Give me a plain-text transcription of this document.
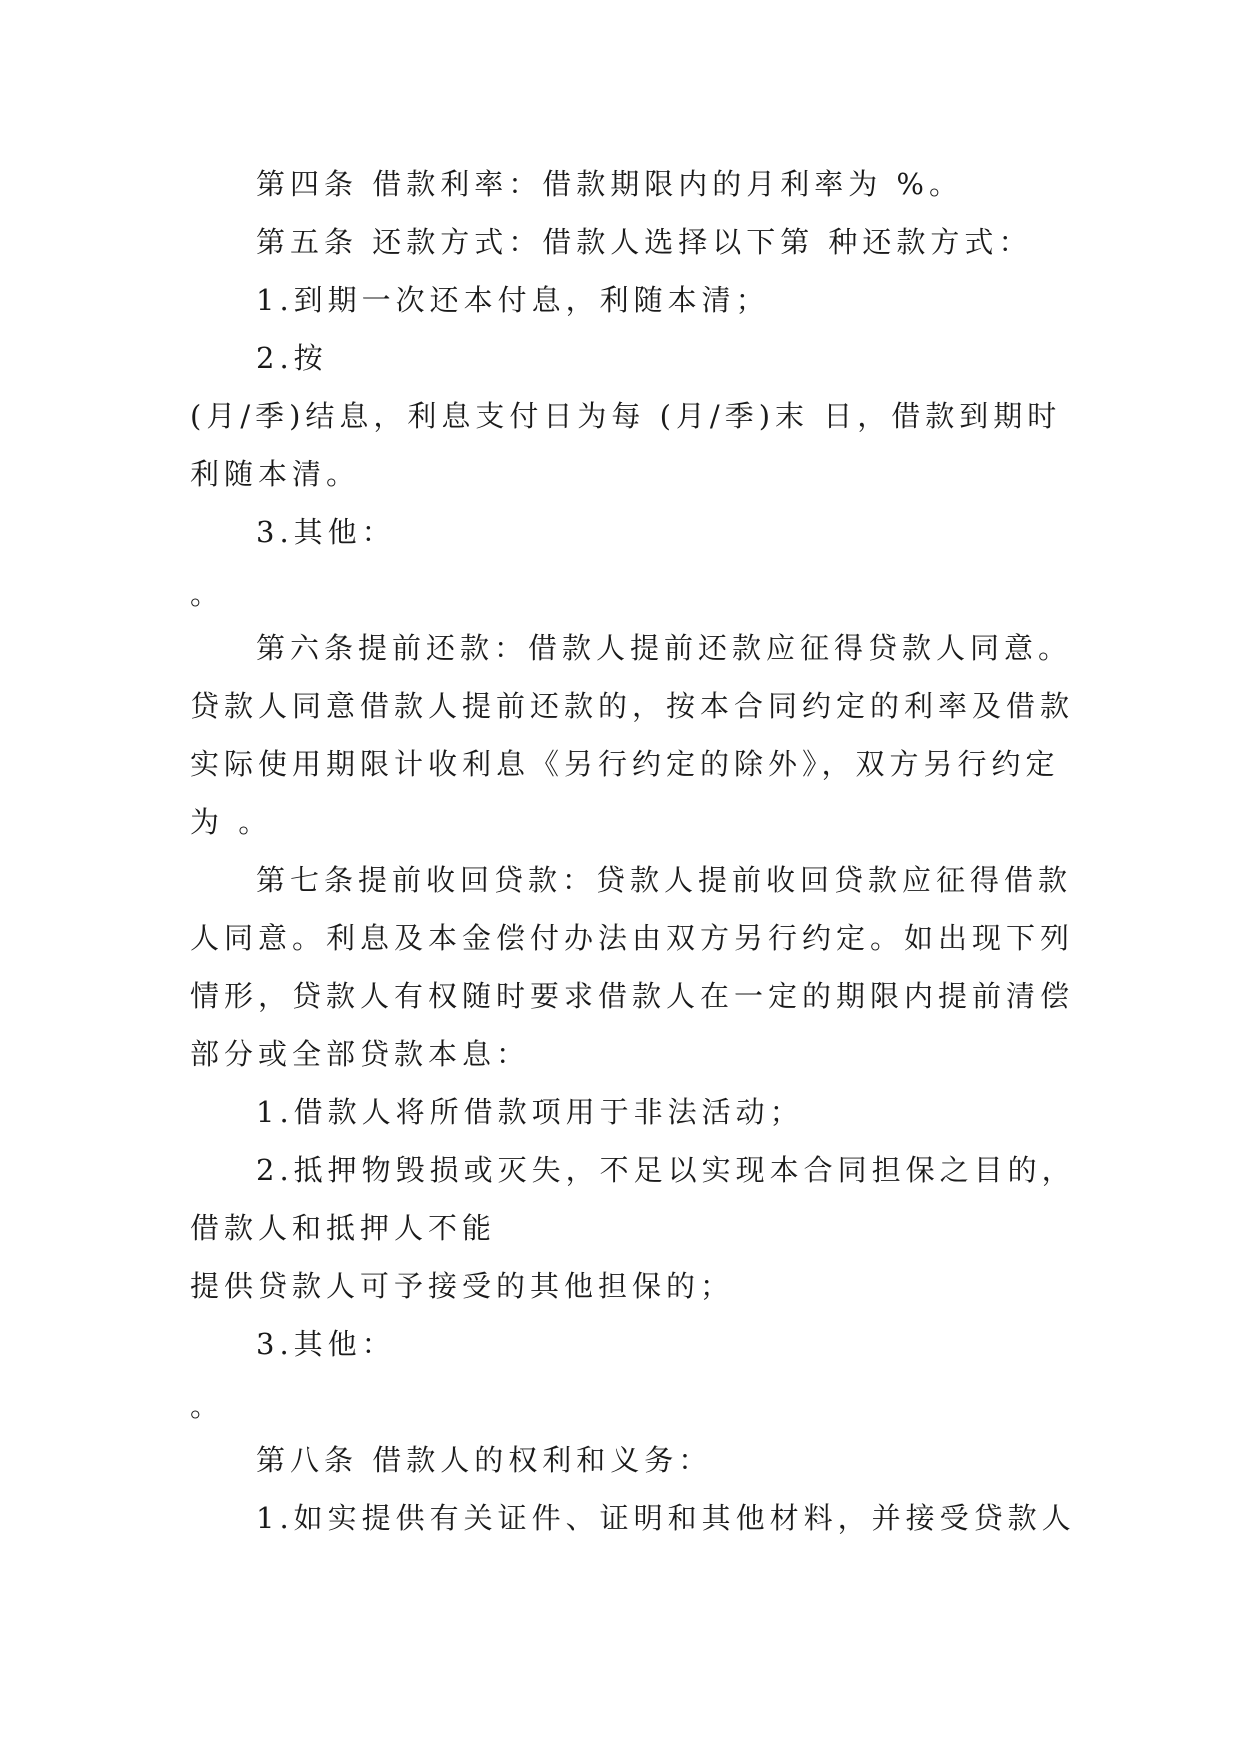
第四条 借款利率：借款期限内的月利率为 %。

第五条 还款方式：借款人选择以下第 种还款方式：

1.到期一次还本付息，利随本清；

2.按

(月/季)结息，利息支付日为每 (月/季)末 日，借款到期时

利随本清。

3.其他：

。

第六条提前还款：借款人提前还款应征得贷款人同意。

贷款人同意借款人提前还款的，按本合同约定的利率及借款

实际使用期限计收利息《另行约定的除外》，双方另行约定

为 。

第七条提前收回贷款：贷款人提前收回贷款应征得借款

人同意。利息及本金偿付办法由双方另行约定。如出现下列

情形，贷款人有权随时要求借款人在一定的期限内提前清偿

部分或全部贷款本息：

1.借款人将所借款项用于非法活动；

2.抵押物毁损或灭失，不足以实现本合同担保之目的，

借款人和抵押人不能

提供贷款人可予接受的其他担保的；

3.其他：

。

第八条 借款人的权利和义务：

1.如实提供有关证件、证明和其他材料，并接受贷款人
